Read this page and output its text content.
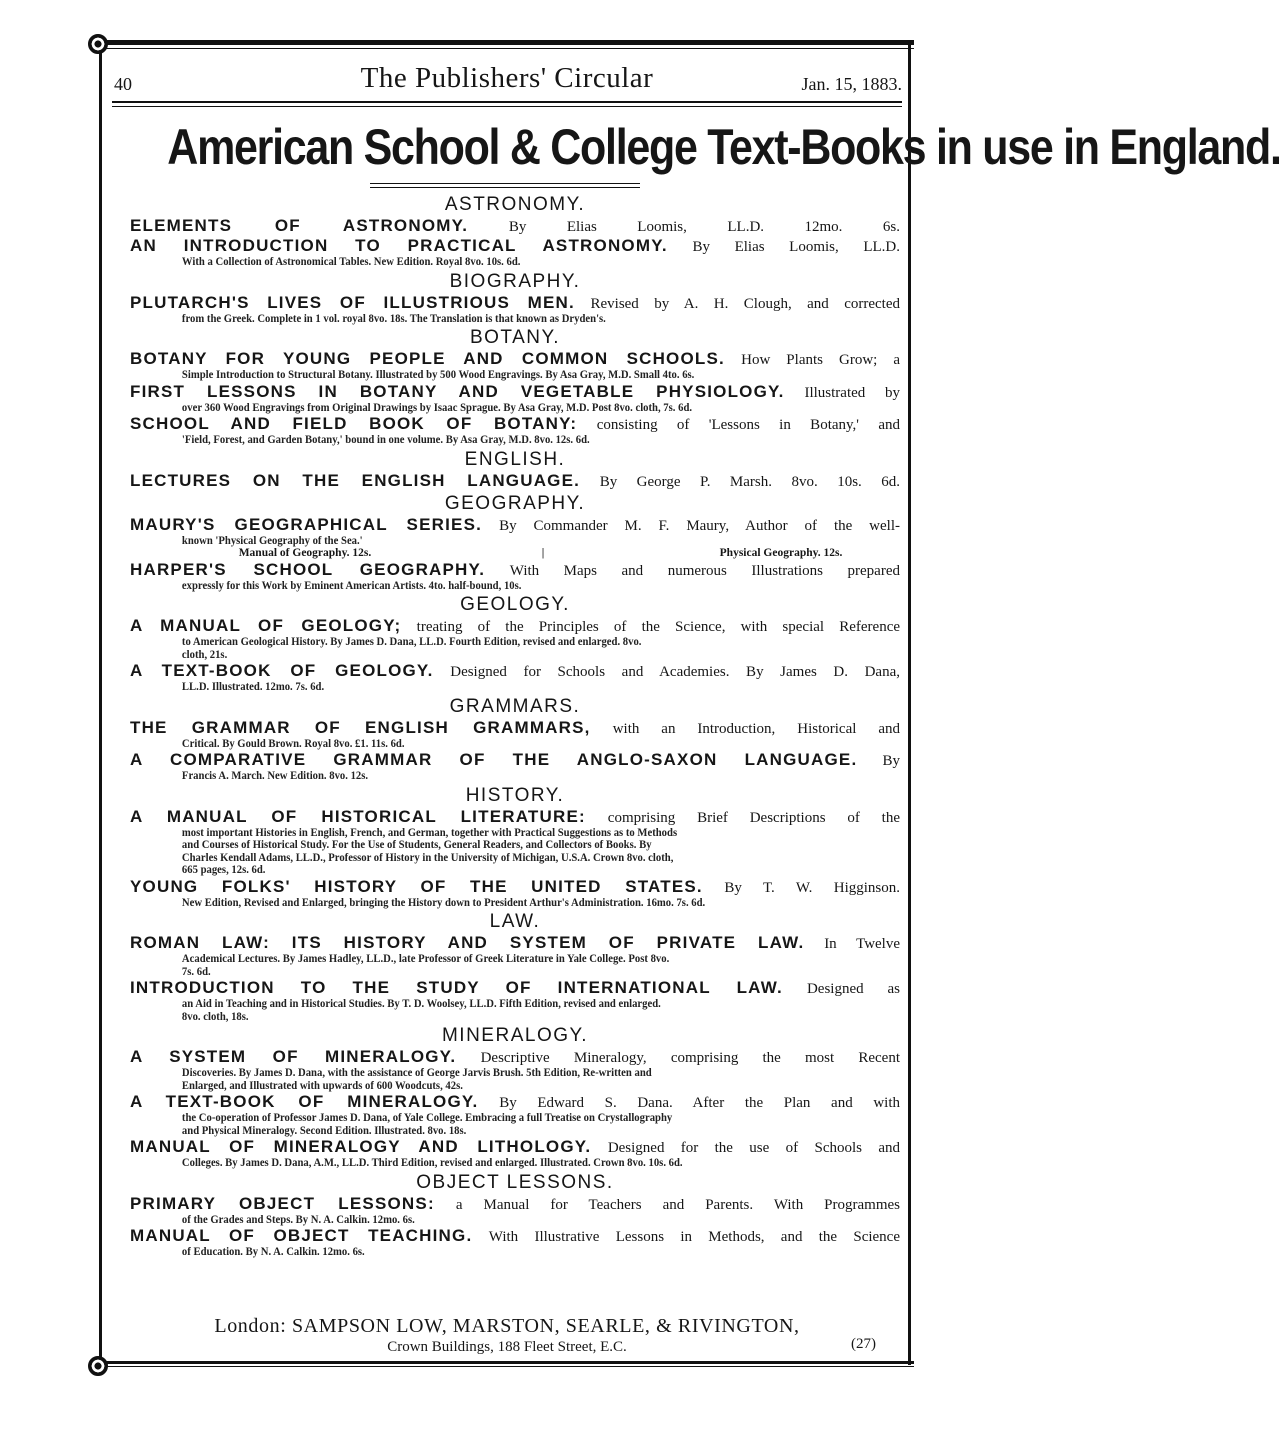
40	The Publishers' Circular	Jan. 15, 1883.
American School & College Text-Books in use in England.
ASTRONOMY.
ELEMENTS OF ASTRONOMY.	By Elias Loomis, LL.D. 12mo. 6s.
AN INTRODUCTION TO PRACTICAL ASTRONOMY. By Elias Loomis, LL.D.
With a Collection of Astronomical Tables. New Edition. Royal 8vo. 10s. 6d.
BIOGRAPHY.
PLUTARCH'S LIVES OF ILLUSTRIOUS MEN. Revised by A. H. Clough, and corrected
from the Greek. Complete in 1 vol. royal 8vo. 18s. The Translation is that known as Dryden's.
BOTANY.
BOTANY FOR YOUNG PEOPLE AND COMMON SCHOOLS. How Plants Grow; a
Simple Introduction to Structural Botany. Illustrated by 500 Wood Engravings. By Asa Gray, M.D. Small 4to. 6s.
FIRST LESSONS IN BOTANY AND VEGETABLE PHYSIOLOGY. Illustrated by
over 360 Wood Engravings from Original Drawings by Isaac Sprague. By Asa Gray, M.D. Post 8vo. cloth, 7s. 6d.
SCHOOL AND FIELD BOOK OF BOTANY: consisting of 'Lessons in Botany,' and
'Field, Forest, and Garden Botany,' bound in one volume. By Asa Gray, M.D. 8vo. 12s. 6d.
ENGLISH.
LECTURES ON THE ENGLISH LANGUAGE. By George P. Marsh. 8vo. 10s. 6d.
GEOGRAPHY.
MAURY'S GEOGRAPHICAL SERIES. By Commander M. F. Maury, Author of the well-
known 'Physical Geography of the Sea.'
Manual of Geography. 12s.	|	Physical Geography. 12s.
HARPER'S SCHOOL GEOGRAPHY. With Maps and numerous Illustrations prepared
expressly for this Work by Eminent American Artists. 4to. half-bound, 10s.
GEOLOGY.
A MANUAL OF GEOLOGY; treating of the Principles of the Science, with special Reference
to American Geological History. By James D. Dana, LL.D. Fourth Edition, revised and enlarged. 8vo.
cloth, 21s.
A TEXT-BOOK OF GEOLOGY. Designed for Schools and Academies. By James D. Dana,
LL.D. Illustrated. 12mo. 7s. 6d.
GRAMMARS.
THE GRAMMAR OF ENGLISH GRAMMARS, with an Introduction, Historical and
Critical. By Gould Brown. Royal 8vo. £1. 11s. 6d.
A COMPARATIVE GRAMMAR OF THE ANGLO-SAXON LANGUAGE. By
Francis A. March. New Edition. 8vo. 12s.
HISTORY.
A MANUAL OF HISTORICAL LITERATURE: comprising Brief Descriptions of the
most important Histories in English, French, and German, together with Practical Suggestions as to Methods
and Courses of Historical Study. For the Use of Students, General Readers, and Collectors of Books. By
Charles Kendall Adams, LL.D., Professor of History in the University of Michigan, U.S.A. Crown 8vo. cloth,
665 pages, 12s. 6d.
YOUNG FOLKS' HISTORY OF THE UNITED STATES. By T. W. Higginson.
New Edition, Revised and Enlarged, bringing the History down to President Arthur's Administration. 16mo. 7s. 6d.
LAW.
ROMAN LAW: ITS HISTORY AND SYSTEM OF PRIVATE LAW. In Twelve
Academical Lectures. By James Hadley, LL.D., late Professor of Greek Literature in Yale College. Post 8vo.
7s. 6d.
INTRODUCTION TO THE STUDY OF INTERNATIONAL LAW. Designed as
an Aid in Teaching and in Historical Studies. By T. D. Woolsey, LL.D. Fifth Edition, revised and enlarged.
8vo. cloth, 18s.
MINERALOGY.
A SYSTEM OF MINERALOGY. Descriptive Mineralogy, comprising the most Recent
Discoveries. By James D. Dana, with the assistance of George Jarvis Brush. 5th Edition, Re-written and
Enlarged, and Illustrated with upwards of 600 Woodcuts, 42s.
A TEXT-BOOK OF MINERALOGY. By Edward S. Dana. After the Plan and with
the Co-operation of Professor James D. Dana, of Yale College. Embracing a full Treatise on Crystallography
and Physical Mineralogy. Second Edition. Illustrated. 8vo. 18s.
MANUAL OF MINERALOGY AND LITHOLOGY. Designed for the use of Schools and
Colleges. By James D. Dana, A.M., LL.D. Third Edition, revised and enlarged. Illustrated. Crown 8vo. 10s. 6d.
OBJECT LESSONS.
PRIMARY OBJECT LESSONS: a Manual for Teachers and Parents. With Programmes
of the Grades and Steps. By N. A. Calkin. 12mo. 6s.
MANUAL OF OBJECT TEACHING. With Illustrative Lessons in Methods, and the Science
of Education. By N. A. Calkin. 12mo. 6s.
London: SAMPSON LOW, MARSTON, SEARLE, & RIVINGTON,
Crown Buildings, 188 Fleet Street, E.C.	(27)
